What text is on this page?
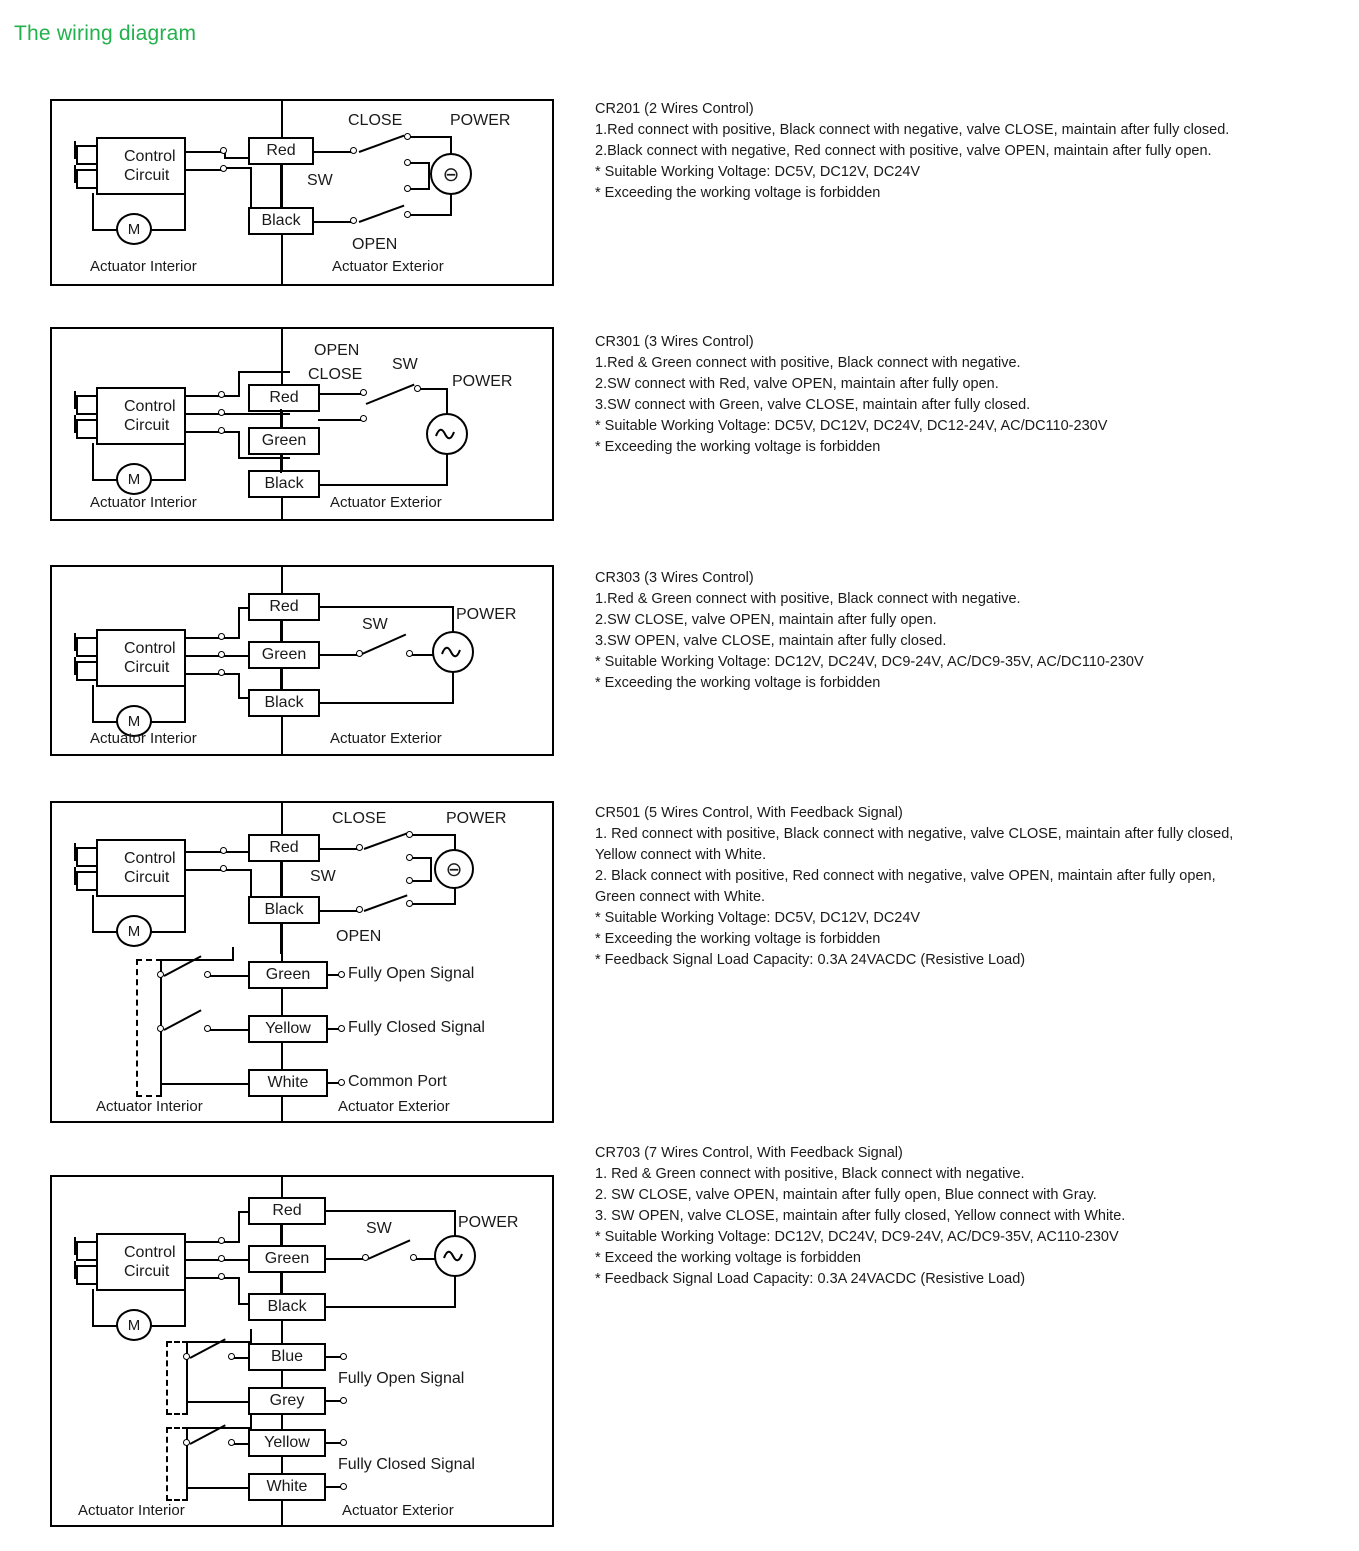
The wiring diagram
Control
Circuit
M
Red
Black
⊖
CLOSE	POWER
SW
OPEN
Actuator Interior	Actuator Exterior
CR201 (2 Wires Control)
1.Red connect with positive, Black connect with negative, valve CLOSE, maintain after fully closed.
2.Black connect with negative, Red connect with positive, valve OPEN, maintain after fully open.
* Suitable Working Voltage: DC5V, DC12V, DC24V
* Exceeding the working voltage is forbidden
Control
Circuit
M
Red
Green
Black
OPEN
SW
CLOSE	POWER
Actuator Interior	Actuator Exterior
CR301 (3 Wires Control)
1.Red & Green connect with positive, Black connect with negative.
2.SW connect with Red, valve OPEN, maintain after fully open.
3.SW connect with Green, valve CLOSE, maintain after fully closed.
* Suitable Working Voltage: DC5V, DC12V, DC24V, DC12-24V, AC/DC110-230V
* Exceeding the working voltage is forbidden
Control
Circuit
M
Red
Green
Black
SW
POWER
Actuator Interior	Actuator Exterior
CR303 (3 Wires Control)
1.Red & Green connect with positive, Black connect with negative.
2.SW CLOSE, valve OPEN, maintain after fully open.
3.SW OPEN, valve CLOSE, maintain after fully closed.
* Suitable Working Voltage: DC12V, DC24V, DC9-24V, AC/DC9-35V, AC/DC110-230V
* Exceeding the working voltage is forbidden
Control
Circuit
M
Red
Black
⊖
CLOSE	POWER
SW
OPEN
Green
Yellow
White
Fully Open Signal
Fully Closed Signal
Common Port
Actuator Interior	Actuator Exterior
CR501 (5 Wires Control, With Feedback Signal)
1. Red connect with positive, Black connect with negative, valve CLOSE, maintain after fully closed,
Yellow connect with White.
2. Black connect with positive, Red connect with negative, valve OPEN, maintain after fully open,
Green connect with White.
* Suitable Working Voltage: DC5V, DC12V, DC24V
* Exceeding the working voltage is forbidden
* Feedback Signal Load Capacity: 0.3A 24VACDC (Resistive Load)
Control
Circuit
M
Red
Green
Black
SW	POWER
Blue
Grey
Fully Open Signal
Yellow
White
Fully Closed Signal
Actuator Interior	Actuator Exterior
CR703 (7 Wires Control, With Feedback Signal)
1. Red & Green connect with positive, Black connect with negative.
2. SW CLOSE, valve OPEN, maintain after fully open, Blue connect with Gray.
3. SW OPEN, valve CLOSE, maintain after fully closed, Yellow connect with White.
* Suitable Working Voltage: DC12V, DC24V, DC9-24V, AC/DC9-35V, AC110-230V
* Exceed the working voltage is forbidden
* Feedback Signal Load Capacity: 0.3A 24VACDC (Resistive Load)
